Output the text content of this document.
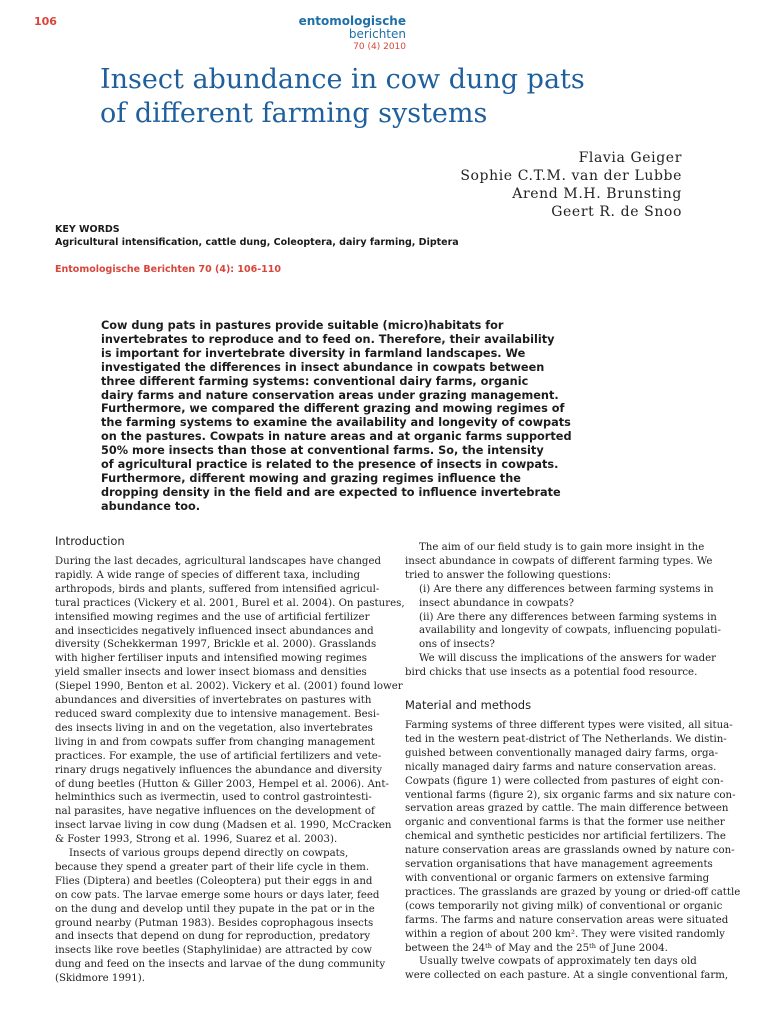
106	entomologische berichten
70 (4) 2010
Insect abundance in cow dung pats
of different farming systems
Flavia Geiger
Sophie C.T.M. van der Lubbe
Arend M.H. Brunsting
Geert R. de Snoo
KEY WORDS
Agricultural intensification, cattle dung, Coleoptera, dairy farming, Diptera
Entomologische Berichten 70 (4): 106-110
Cow dung pats in pastures provide suitable (micro)habitats for
invertebrates to reproduce and to feed on. Therefore, their availability
is important for invertebrate diversity in farmland landscapes. We
investigated the differences in insect abundance in cowpats between
three different farming systems: conventional dairy farms, organic
dairy farms and nature conservation areas under grazing management.
Furthermore, we compared the different grazing and mowing regimes of
the farming systems to examine the availability and longevity of cowpats
on the pastures. Cowpats in nature areas and at organic farms supported
50% more insects than those at conventional farms. So, the intensity
of agricultural practice is related to the presence of insects in cowpats.
Furthermore, different mowing and grazing regimes influence the
dropping density in the field and are expected to influence invertebrate
abundance too.
Introduction
During the last decades, agricultural landscapes have changed
rapidly. A wide range of species of different taxa, including
arthropods, birds and plants, suffered from intensified agricul-
tural practices (Vickery et al. 2001, Burel et al. 2004). On pastures,
intensified mowing regimes and the use of artificial fertilizer
and insecticides negatively influenced insect abundances and
diversity (Schekkerman 1997, Brickle et al. 2000). Grasslands
with higher fertiliser inputs and intensified mowing regimes
yield smaller insects and lower insect biomass and densities
(Siepel 1990, Benton et al. 2002). Vickery et al. (2001) found lower
abundances and diversities of invertebrates on pastures with
reduced sward complexity due to intensive management. Besi-
des insects living in and on the vegetation, also invertebrates
living in and from cowpats suffer from changing management
practices. For example, the use of artificial fertilizers and vete-
rinary drugs negatively influences the abundance and diversity
of dung beetles (Hutton & Giller 2003, Hempel et al. 2006). Ant-
helminthics such as ivermectin, used to control gastrointesti-
nal parasites, have negative influences on the development of
insect larvae living in cow dung (Madsen et al. 1990, McCracken
& Foster 1993, Strong et al. 1996, Suarez et al. 2003).
Insects of various groups depend directly on cowpats,
because they spend a greater part of their life cycle in them.
Flies (Diptera) and beetles (Coleoptera) put their eggs in and
on cow pats. The larvae emerge some hours or days later, feed
on the dung and develop until they pupate in the pat or in the
ground nearby (Putman 1983). Besides coprophagous insects
and insects that depend on dung for reproduction, predatory
insects like rove beetles (Staphylinidae) are attracted by cow
dung and feed on the insects and larvae of the dung community
(Skidmore 1991).
The aim of our field study is to gain more insight in the
insect abundance in cowpats of different farming types. We
tried to answer the following questions:
(i) Are there any differences between farming systems in
insect abundance in cowpats?
(ii) Are there any differences between farming systems in
availability and longevity of cowpats, influencing populati-
ons of insects?
We will discuss the implications of the answers for wader
bird chicks that use insects as a potential food resource.
Material and methods
Farming systems of three different types were visited, all situa-
ted in the western peat-district of The Netherlands. We distin-
guished between conventionally managed dairy farms, orga-
nically managed dairy farms and nature conservation areas.
Cowpats (figure 1) were collected from pastures of eight con-
ventional farms (figure 2), six organic farms and six nature con-
servation areas grazed by cattle. The main difference between
organic and conventional farms is that the former use neither
chemical and synthetic pesticides nor artificial fertilizers. The
nature conservation areas are grasslands owned by nature con-
servation organisations that have management agreements
with conventional or organic farmers on extensive farming
practices. The grasslands are grazed by young or dried-off cattle
(cows temporarily not giving milk) of conventional or organic
farms. The farms and nature conservation areas were situated
within a region of about 200 km². They were visited randomly
between the 24th of May and the 25th of June 2004.
Usually twelve cowpats of approximately ten days old
were collected on each pasture. At a single conventional farm,
